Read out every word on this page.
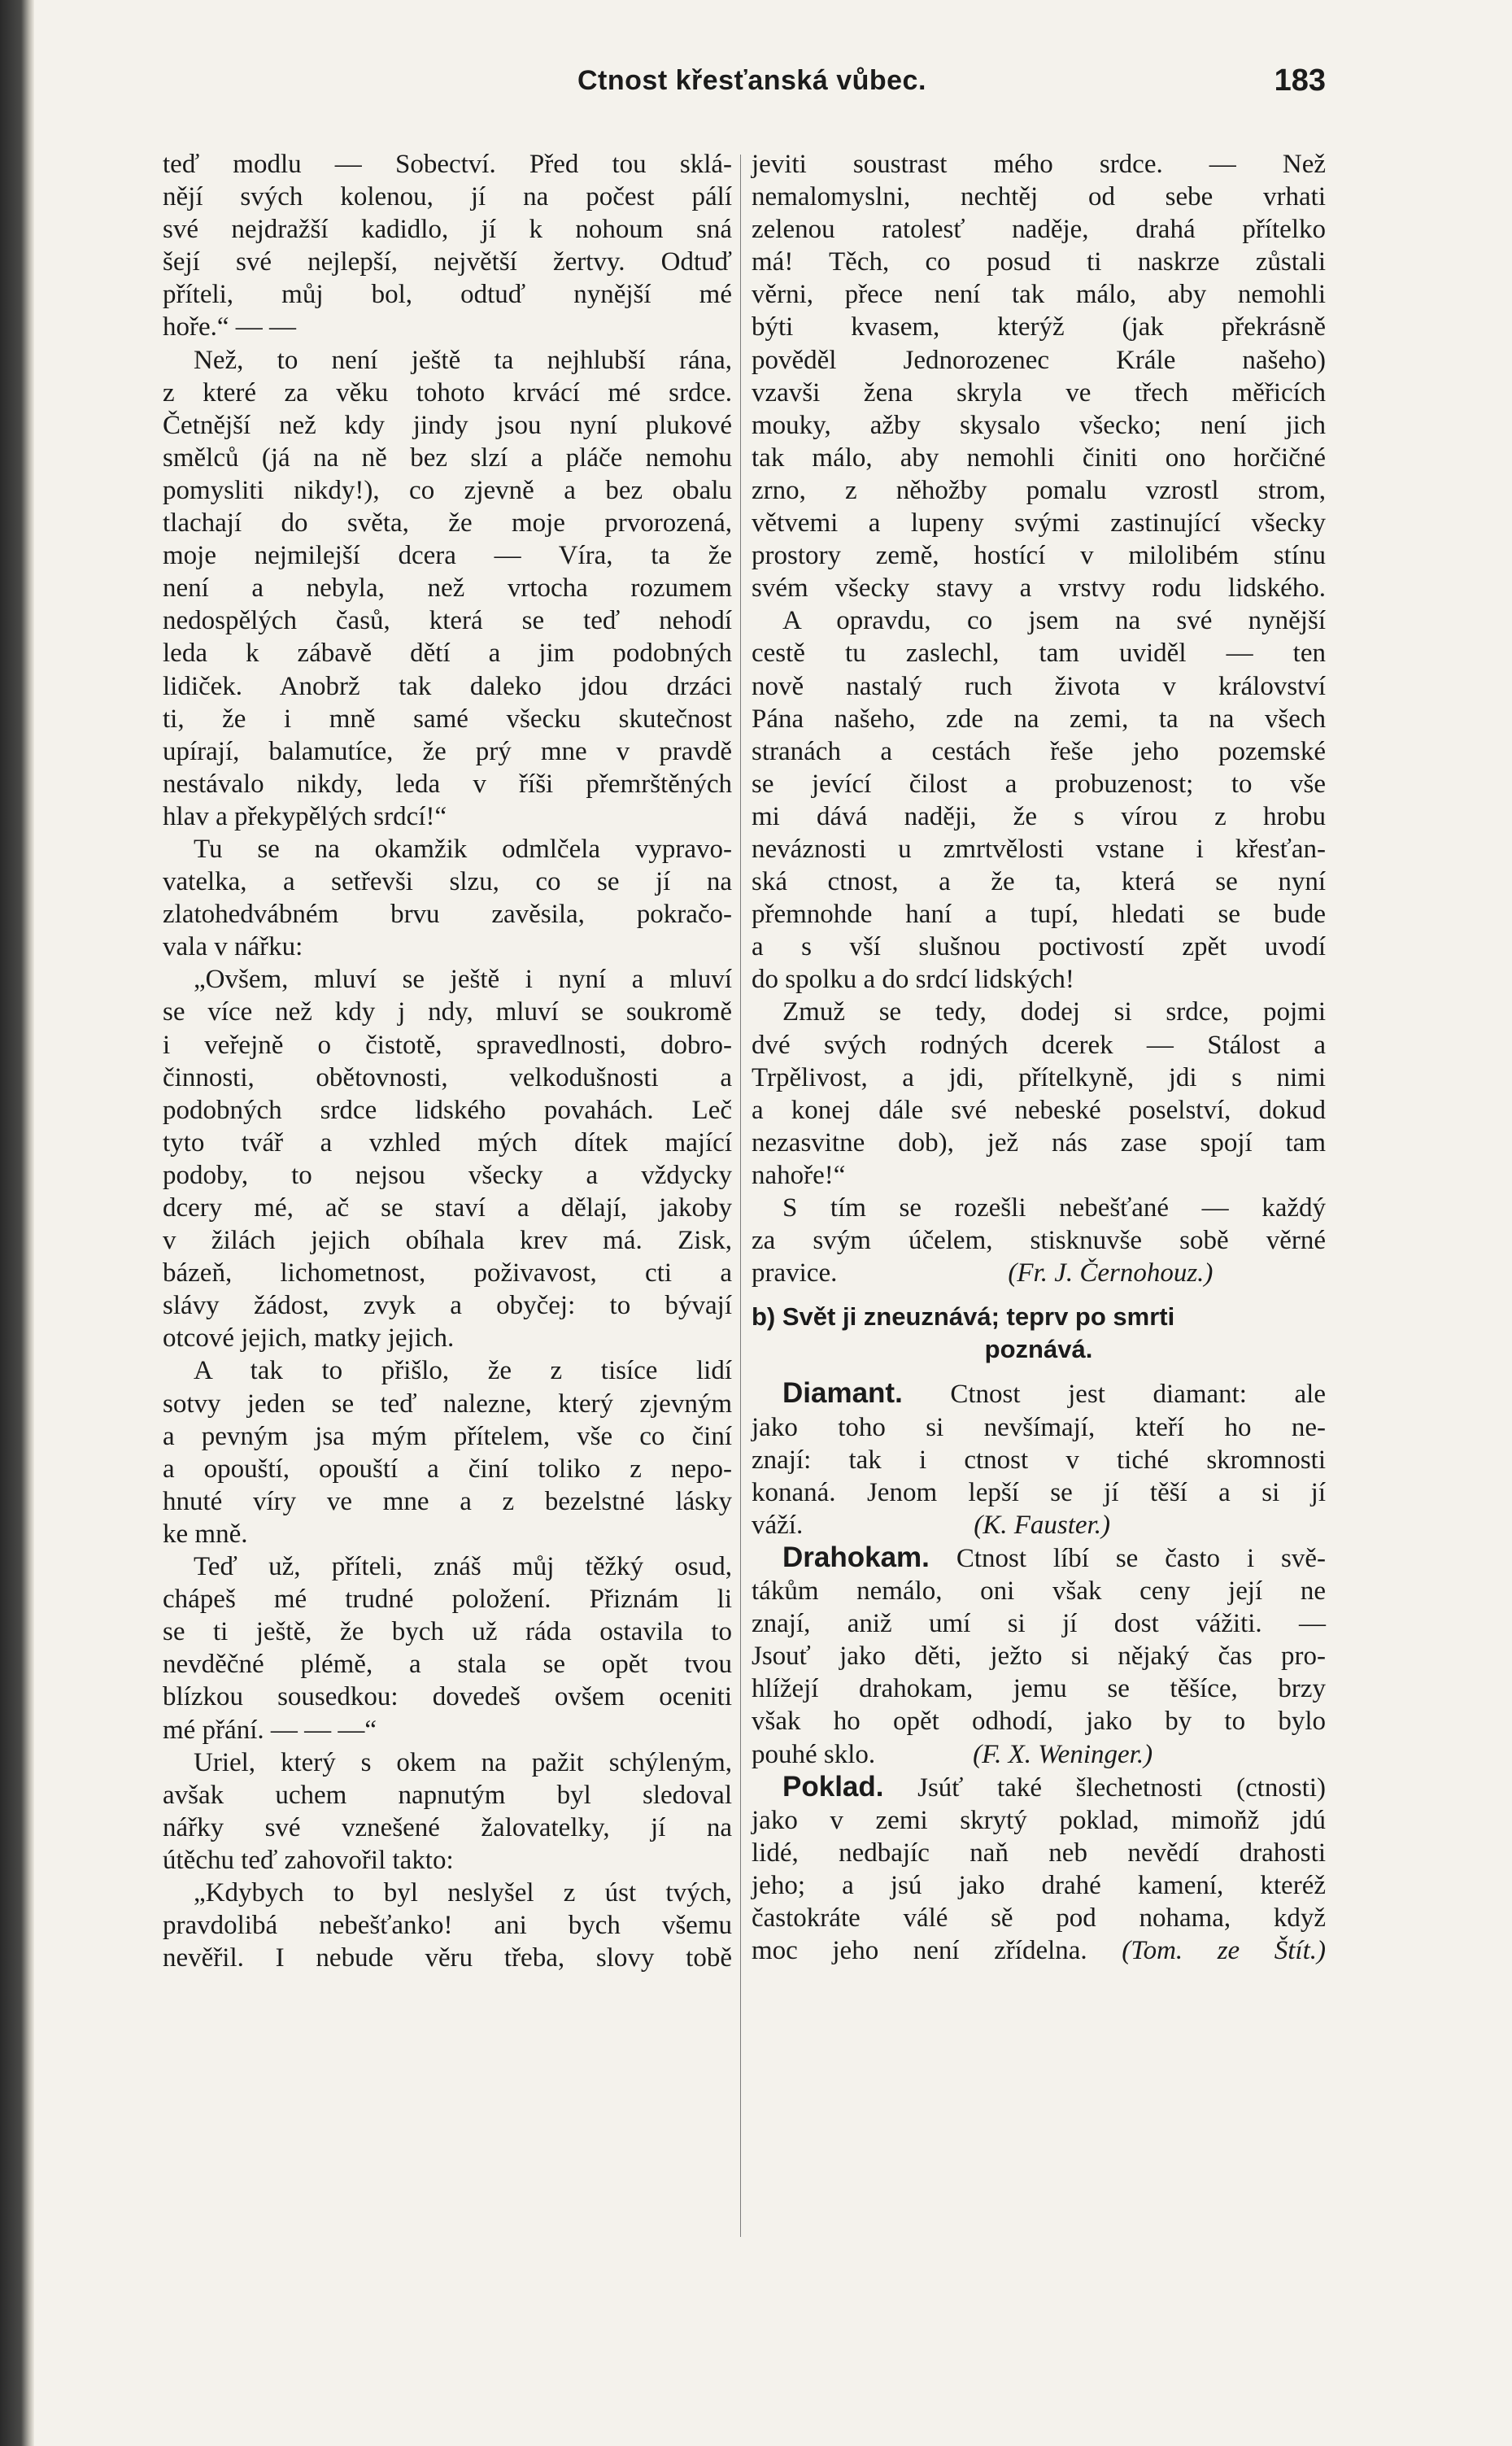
Ctnost křesťanská vůbec.	183
teď modlu — Sobectví. Před tou sklá-
nějí svých kolenou, jí na počest pálí
své nejdražší kadidlo, jí k nohoum sná
šejí své nejlepší, největší žertvy. Odtuď
příteli, můj bol, odtuď nynější mé
hoře.“ — —
Než, to není ještě ta nejhlubší rána,
z které za věku tohoto krvácí mé srdce.
Četnější než kdy jindy jsou nyní plukové
smělců (já na ně bez slzí a pláče nemohu
pomysliti nikdy!), co zjevně a bez obalu
tlachají do světa, že moje prvorozená,
moje nejmilejší dcera — Víra, ta že
není a nebyla, než vrtocha rozumem
nedospělých časů, která se teď nehodí
leda k zábavě dětí a jim podobných
lidiček. Anobrž tak daleko jdou drzáci
ti, že i mně samé všecku skutečnost
upírají, balamutíce, že prý mne v pravdě
nestávalo nikdy, leda v říši přemrštěných
hlav a překypělých srdcí!“
Tu se na okamžik odmlčela vypravo-
vatelka, a setřevši slzu, co se jí na
zlatohedvábném brvu zavěsila, pokračo-
vala v nářku:
„Ovšem, mluví se ještě i nyní a mluví
se více než kdy j ndy, mluví se soukromě
i veřejně o čistotě, spravedlnosti, dobro-
činnosti, obětovnosti, velkodušnosti a
podobných srdce lidského povahách. Leč
tyto tvář a vzhled mých dítek mající
podoby, to nejsou všecky a vždycky
dcery mé, ač se staví a dělají, jakoby
v žilách jejich obíhala krev má. Zisk,
bázeň, lichometnost, poživavost, cti a
slávy žádost, zvyk a obyčej: to bývají
otcové jejich, matky jejich.
A tak to přišlo, že z tisíce lidí
sotvy jeden se teď nalezne, který zjevným
a pevným jsa mým přítelem, vše co činí
a opouští, opouští a činí toliko z nepo-
hnuté víry ve mne a z bezelstné lásky
ke mně.
Teď už, příteli, znáš můj těžký osud,
chápeš mé trudné položení. Přiznám li
se ti ještě, že bych už ráda ostavila to
nevděčné plémě, a stala se opět tvou
blízkou sousedkou: dovedeš ovšem oceniti
mé přání. — — —“
Uriel, který s okem na pažit schýleným,
avšak uchem napnutým byl sledoval
nářky své vznešené žalovatelky, jí na
útěchu teď zahovořil takto:
„Kdybych to byl neslyšel z úst tvých,
pravdolibá nebešťanko! ani bych všemu
nevěřil. I nebude věru třeba, slovy tobě
jeviti soustrast mého srdce. — Než
nemalomyslni, nechtěj od sebe vrhati
zelenou ratolesť naděje, drahá přítelko
má! Těch, co posud ti naskrze zůstali
věrni, přece není tak málo, aby nemohli
býti kvasem, kterýž (jak překrásně
pověděl Jednorozenec Krále našeho)
vzavši žena skryla ve třech měřicích
mouky, ažby skysalo všecko; není jich
tak málo, aby nemohli činiti ono horčičné
zrno, z něhožby pomalu vzrostl strom,
větvemi a lupeny svými zastinující všecky
prostory země, hostící v milolibém stínu
svém všecky stavy a vrstvy rodu lidského.
A opravdu, co jsem na své nynější
cestě tu zaslechl, tam uviděl — ten
nově nastalý ruch života v království
Pána našeho, zde na zemi, ta na všech
stranách a cestách řeše jeho pozemské
se jevící čilost a probuzenost; to vše
mi dává naději, že s vírou z hrobu
neváznosti u zmrtvělosti vstane i křesťan-
ská ctnost, a že ta, která se nyní
přemnohde haní a tupí, hledati se bude
a s vší slušnou poctivostí zpět uvodí
do spolku a do srdcí lidských!
Zmuž se tedy, dodej si srdce, pojmi
dvé svých rodných dcerek — Stálost a
Trpělivost, a jdi, přítelkyně, jdi s nimi
a konej dále své nebeské poselství, dokud
nezasvitne dob), jež nás zase spojí tam
nahoře!“
S tím se rozešli nebešťané — každý
za svým účelem, stisknuvše sobě věrné
pravice.	(Fr. J. Černohouz.)
b) Svět ji zneuznává; teprv po smrti
poznává.
Diamant. Ctnost jest diamant: ale
jako toho si nevšímají, kteří ho ne-
znají: tak i ctnost v tiché skromnosti
konaná. Jenom lepší se jí těší a si jí
váží.	(K. Fauster.)
Drahokam. Ctnost líbí se často i svě-
tákům nemálo, oni však ceny její ne
znají, aniž umí si jí dost vážiti. —
Jsouť jako děti, ježto si nějaký čas pro-
hlížejí drahokam, jemu se těšíce, brzy
však ho opět odhodí, jako by to bylo
pouhé sklo.	(F. X. Weninger.)
Poklad. Jsúť také šlechetnosti (ctnosti)
jako v zemi skrytý poklad, mimoňž jdú
lidé, nedbajíc naň neb nevědí drahosti
jeho; a jsú jako drahé kamení, kteréž
častokráte válé sě pod nohama, když
moc jeho není zřídelna. (Tom. ze Štít.)
